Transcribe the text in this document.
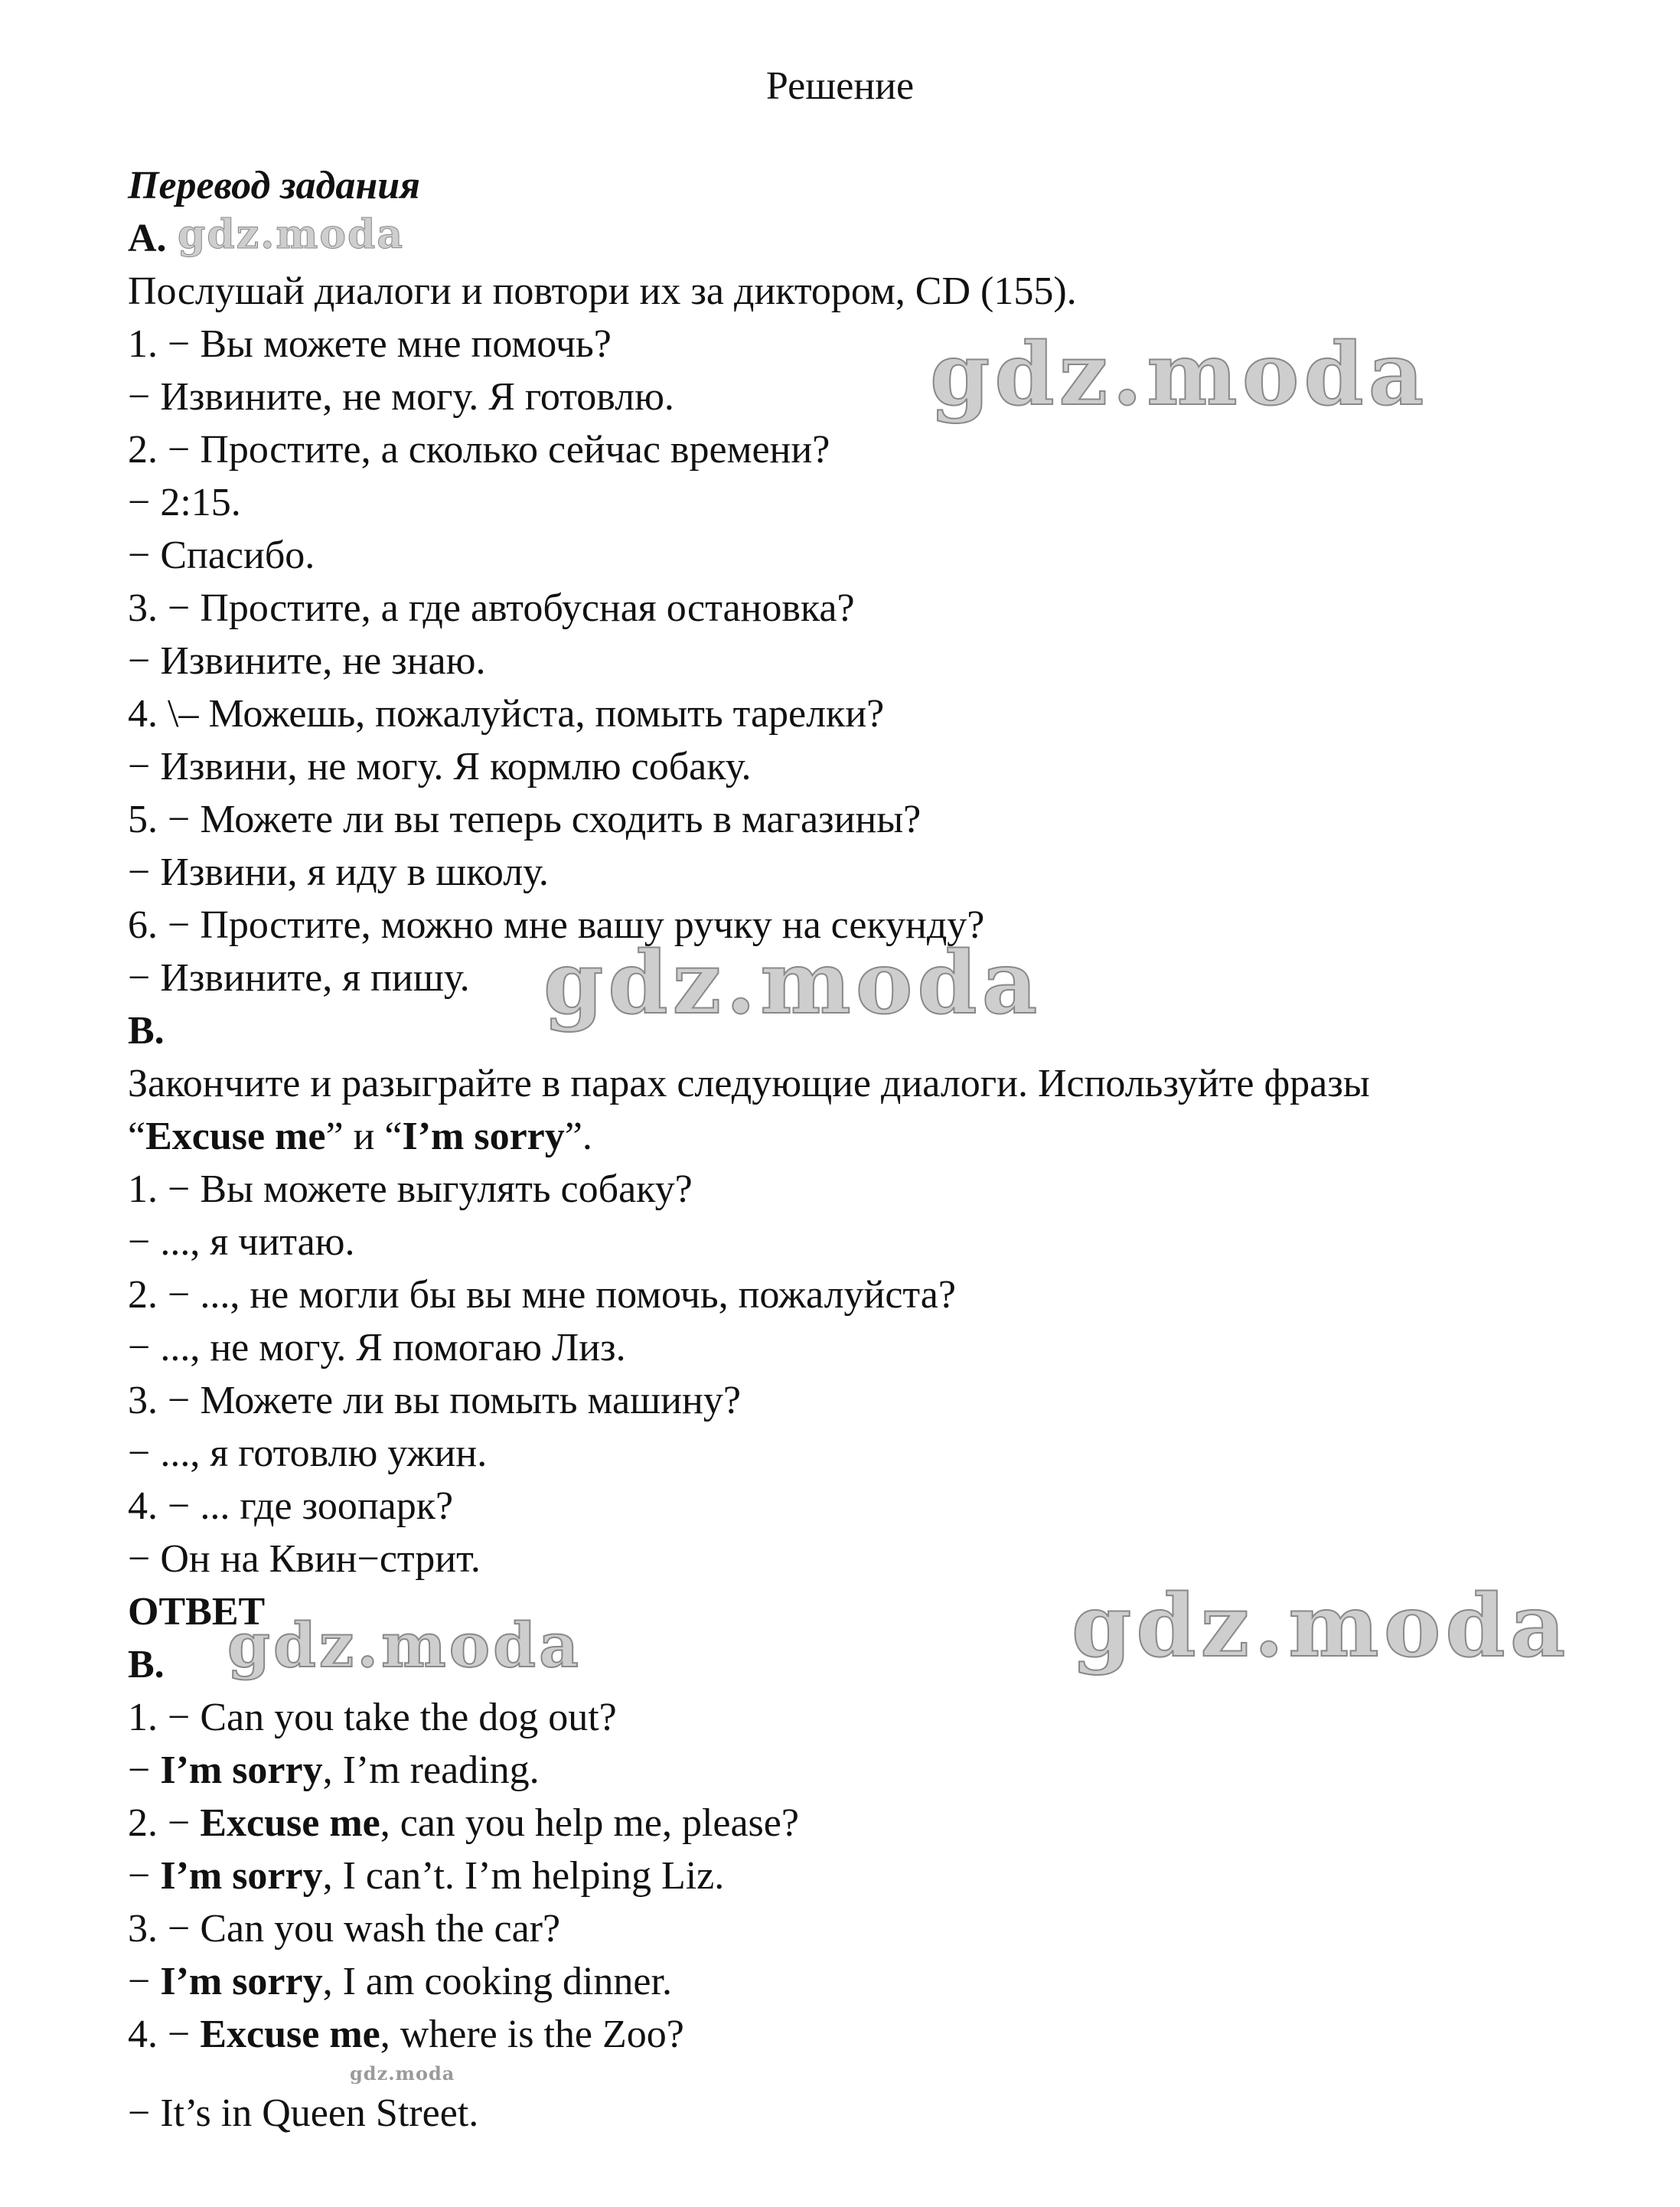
Решение
Перевод задания
A.
Послушай диалоги и повтори их за диктором, CD (155).
1. − Вы можете мне помочь?
− Извините, не могу. Я готовлю.
2. − Простите, а сколько сейчас времени?
− 2:15.
− Спасибо.
3. − Простите, а где автобусная остановка?
− Извините, не знаю.
4. \– Можешь, пожалуйста, помыть тарелки?
− Извини, не могу. Я кормлю собаку.
5. − Можете ли вы теперь сходить в магазины?
− Извини, я иду в школу.
6. − Простите, можно мне вашу ручку на секунду?
− Извините, я пишу.
B.
Закончите и разыграйте в парах следующие диалоги. Используйте фразы
“Excuse me” и “I’m sorry”.
1. − Вы можете выгулять собаку?
− ..., я читаю.
2. − ..., не могли бы вы мне помочь, пожалуйста?
− ..., не могу. Я помогаю Лиз.
3. − Можете ли вы помыть машину?
− ..., я готовлю ужин.
4. − ... где зоопарк?
− Он на Квин−стрит.
ОТВЕТ
B.
1. − Can you take the dog out?
− I’m sorry, I’m reading.
2. − Excuse me, can you help me, please?
− I’m sorry, I can’t. I’m helping Liz.
3. − Can you wash the car?
− I’m sorry, I am cooking dinner.
4. − Excuse me, where is the Zoo?
gdz.moda
− It’s in Queen Street.
gdz.moda
gdz.moda
gdz.moda
gdz.moda	gdz.moda
